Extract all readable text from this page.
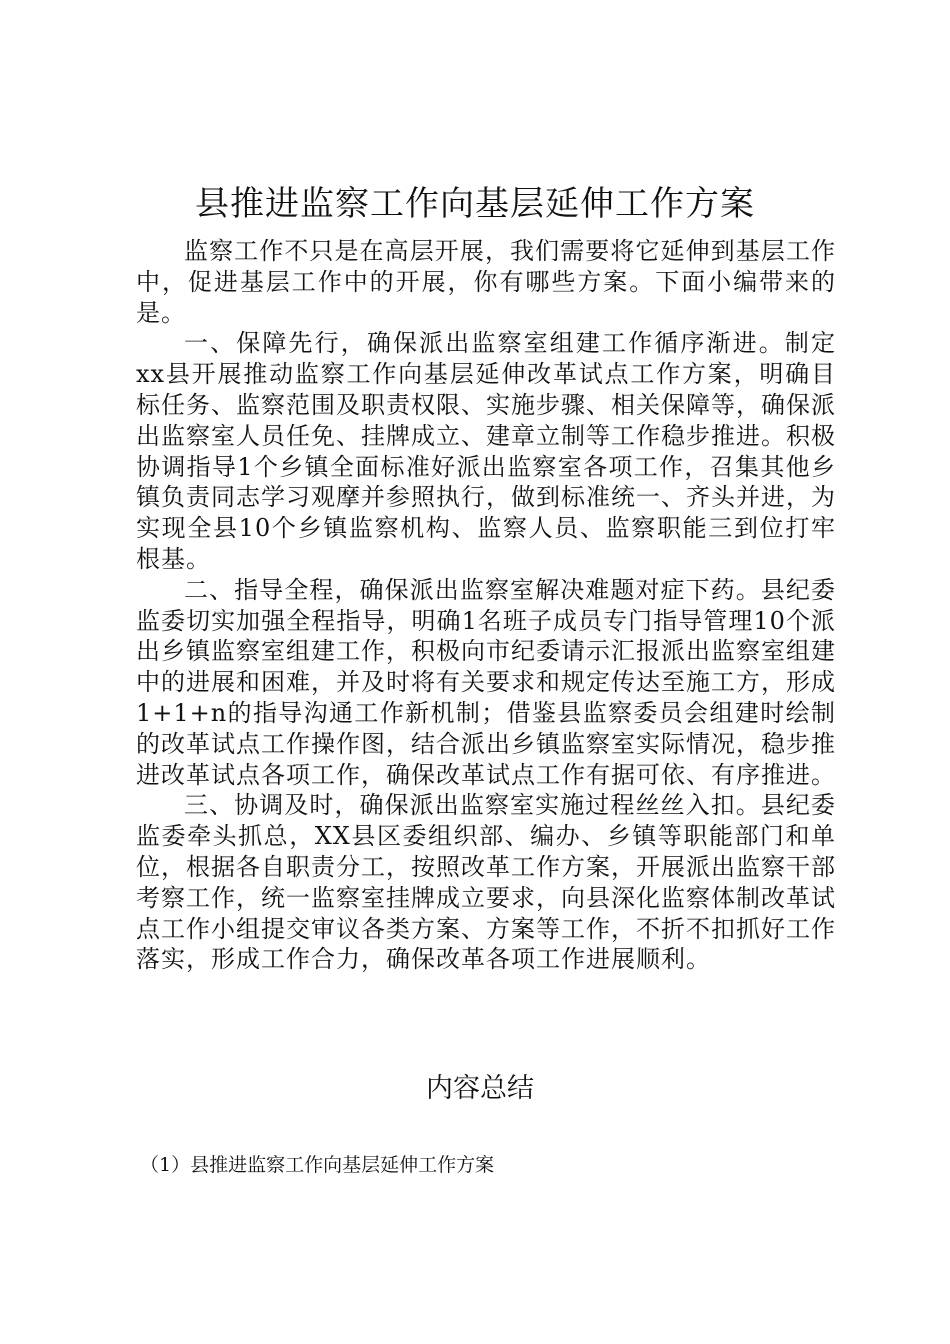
县推进监察工作向基层延伸工作方案

监察工作不只是在高层开展，我们需要将它延伸到基层工作中，促进基层工作中的开展，你有哪些方案。下面小编带来的是。

一、保障先行，确保派出监察室组建工作循序渐进。制定xx县开展推动监察工作向基层延伸改革试点工作方案，明确目标任务、监察范围及职责权限、实施步骤、相关保障等，确保派出监察室人员任免、挂牌成立、建章立制等工作稳步推进。积极协调指导1个乡镇全面标准好派出监察室各项工作，召集其他乡镇负责同志学习观摩并参照执行，做到标准统一、齐头并进，为实现全县10个乡镇监察机构、监察人员、监察职能三到位打牢根基。

二、指导全程，确保派出监察室解决难题对症下药。县纪委监委切实加强全程指导，明确1名班子成员专门指导管理10个派出乡镇监察室组建工作，积极向市纪委请示汇报派出监察室组建中的进展和困难，并及时将有关要求和规定传达至施工方，形成1+1+n的指导沟通工作新机制；借鉴县监察委员会组建时绘制的改革试点工作操作图，结合派出乡镇监察室实际情况，稳步推进改革试点各项工作，确保改革试点工作有据可依、有序推进。

三、协调及时，确保派出监察室实施过程丝丝入扣。县纪委监委牵头抓总，XX县区委组织部、编办、乡镇等职能部门和单位，根据各自职责分工，按照改革工作方案，开展派出监察干部考察工作，统一监察室挂牌成立要求，向县深化监察体制改革试点工作小组提交审议各类方案、方案等工作，不折不扣抓好工作落实，形成工作合力，确保改革各项工作进展顺利。

内容总结

（1）县推进监察工作向基层延伸工作方案
